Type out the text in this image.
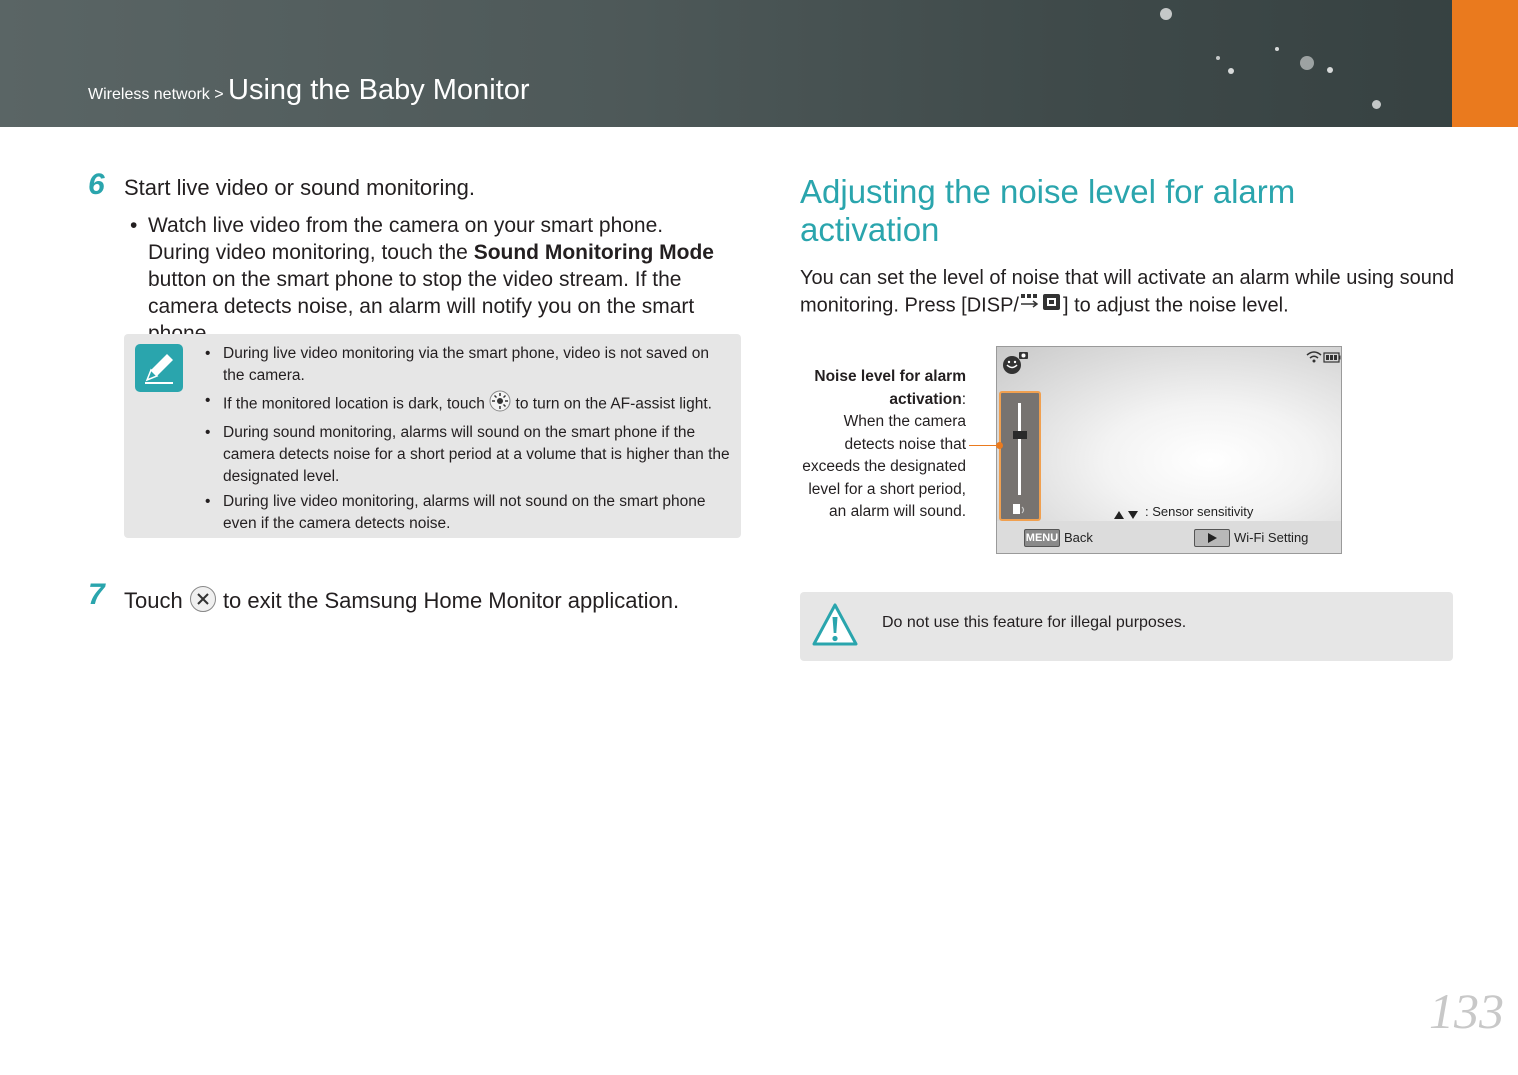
Wireless network > Using the Baby Monitor
6 Start live video or sound monitoring.
• Watch live video from the camera on your smart phone. During video monitoring, touch the Sound Monitoring Mode button on the smart phone to stop the video stream. If the camera detects noise, an alarm will notify you on the smart
• During live video monitoring via the smart phone, video is not saved on the camera.
• If the monitored location is dark, touch  to turn on the AF-assist light.
• During sound monitoring, alarms will sound on the smart phone if the camera detects noise for a short period at a volume that is higher than the designated level.
• During live video monitoring, alarms will not sound on the smart phone even if the camera detects noise.
7 Touch  to exit the Samsung Home Monitor application.
Adjusting the noise level for alarm activation
You can set the level of noise that will activate an alarm while using sound monitoring. Press [DISP/ ] to adjust the noise level.
Noise level for alarm activation:
When the camera detects noise that exceeds the designated level for a short period, an alarm will sound.	: Sensor sensitivity
MENU Back	Wi-Fi Setting
Do not use this feature for illegal purposes.
133
